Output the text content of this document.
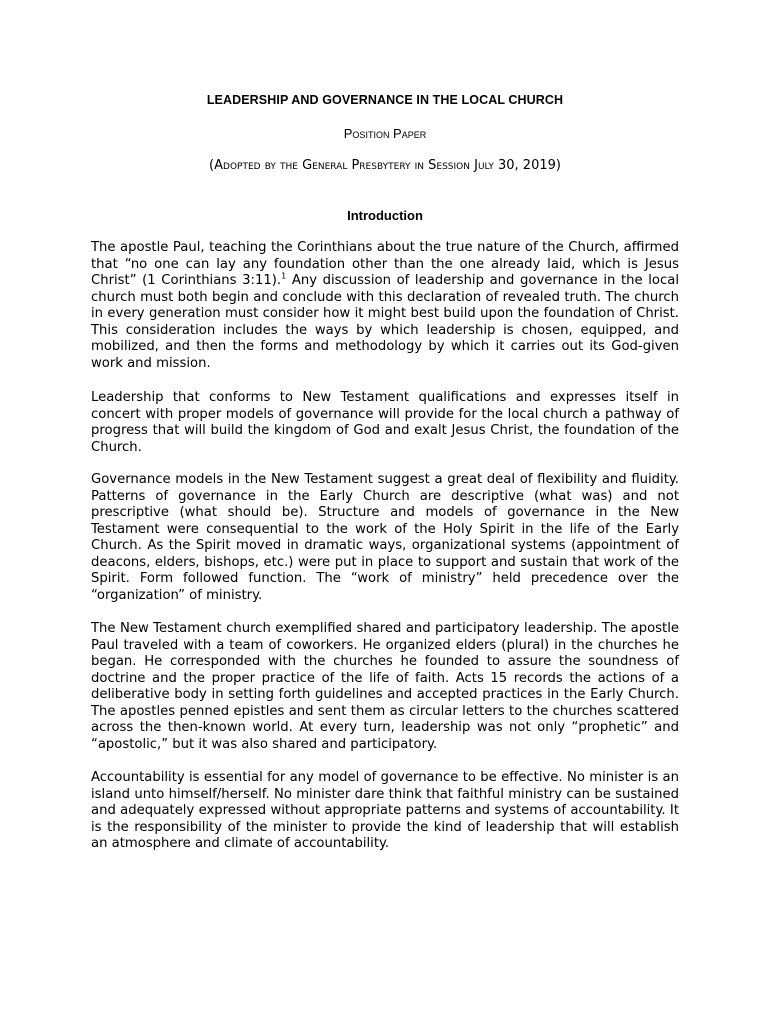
LEADERSHIP AND GOVERNANCE IN THE LOCAL CHURCH
Position Paper
(Adopted by the General Presbytery in Session July 30, 2019)
Introduction

The apostle Paul, teaching the Corinthians about the true nature of the Church, affirmed that “no one can lay any foundation other than the one already laid, which is Jesus Christ” (1 Corinthians 3:11).$^1$ Any discussion of leadership and governance in the local church must both begin and conclude with this declaration of revealed truth. The church in every generation must consider how it might best build upon the foundation of Christ. This consideration includes the ways by which leadership is chosen, equipped, and mobilized, and then the forms and methodology by which it carries out its God-given work and mission.

Leadership that conforms to New Testament qualifications and expresses itself in concert with proper models of governance will provide for the local church a pathway of progress that will build the kingdom of God and exalt Jesus Christ, the foundation of the Church.

Governance models in the New Testament suggest a great deal of flexibility and fluidity. Patterns of governance in the Early Church are descriptive (what was) and not prescriptive (what should be). Structure and models of governance in the New Testament were consequential to the work of the Holy Spirit in the life of the Early Church. As the Spirit moved in dramatic ways, organizational systems (appointment of deacons, elders, bishops, etc.) were put in place to support and sustain that work of the Spirit. Form followed function. The “work of ministry” held precedence over the “organization” of ministry.

The New Testament church exemplified shared and participatory leadership. The apostle Paul traveled with a team of coworkers. He organized elders (plural) in the churches he began. He corresponded with the churches he founded to assure the soundness of doctrine and the proper practice of the life of faith. Acts 15 records the actions of a deliberative body in setting forth guidelines and accepted practices in the Early Church. The apostles penned epistles and sent them as circular letters to the churches scattered across the then-known world. At every turn, leadership was not only “prophetic” and “apostolic,” but it was also shared and participatory.

Accountability is essential for any model of governance to be effective. No minister is an island unto himself/herself. No minister dare think that faithful ministry can be sustained and adequately expressed without appropriate patterns and systems of accountability. It is the responsibility of the minister to provide the kind of leadership that will establish an atmosphere and climate of accountability.
